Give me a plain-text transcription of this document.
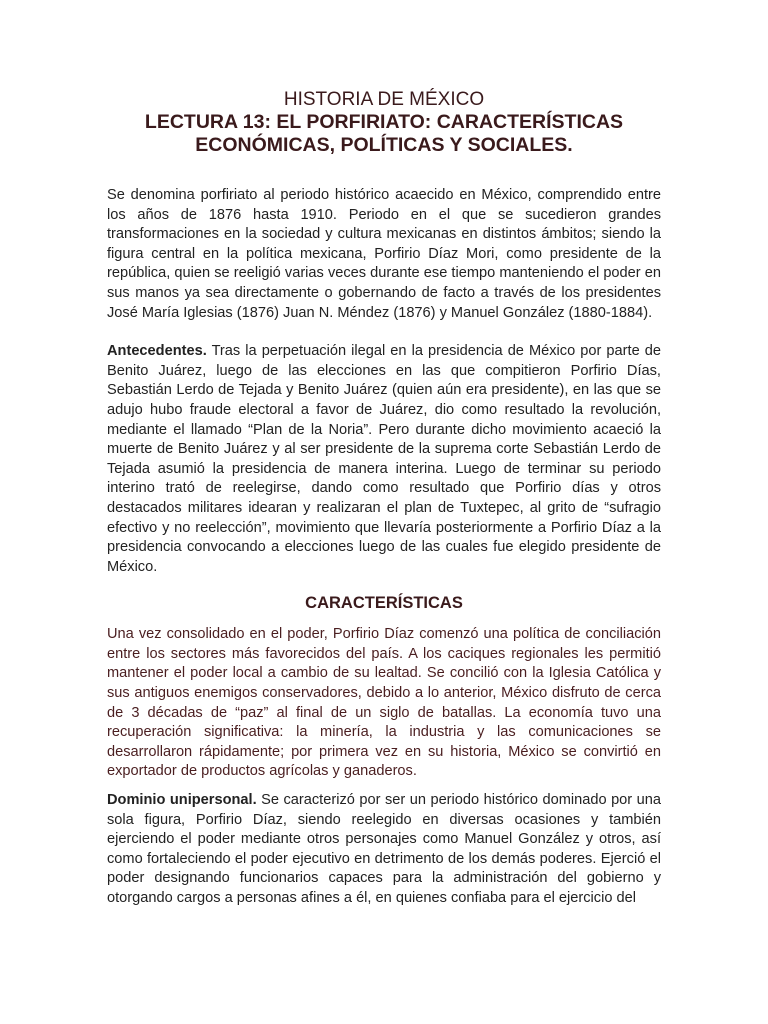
HISTORIA DE MÉXICO

LECTURA 13: EL PORFIRIATO: CARACTERÍSTICAS

ECONÓMICAS, POLÍTICAS Y SOCIALES.

Se denomina porfiriato al periodo histórico acaecido en México, comprendido entre los años de 1876 hasta 1910. Periodo en el que se sucedieron grandes transformaciones en la sociedad y cultura mexicanas en distintos ámbitos; siendo la figura central en la política mexicana, Porfirio Díaz Mori, como presidente de la república, quien se reeligió varias veces durante ese tiempo manteniendo el poder en sus manos ya sea directamente o gobernando de facto a través de los presidentes José María Iglesias (1876) Juan N. Méndez (1876) y Manuel González (1880-1884).

Antecedentes. Tras la perpetuación ilegal en la presidencia de México por parte de Benito Juárez, luego de las elecciones en las que compitieron Porfirio Días, Sebastián Lerdo de Tejada y Benito Juárez (quien aún era presidente), en las que se adujo hubo fraude electoral a favor de Juárez, dio como resultado la revolución, mediante el llamado “Plan de la Noria”. Pero durante dicho movimiento acaeció la muerte de Benito Juárez y al ser presidente de la suprema corte Sebastián Lerdo de Tejada asumió la presidencia de manera interina. Luego de terminar su periodo interino trató de reelegirse, dando como resultado que Porfirio días y otros destacados militares idearan y realizaran el plan de Tuxtepec, al grito de “sufragio efectivo y no reelección”, movimiento que llevaría posteriormente a Porfirio Díaz a la presidencia convocando a elecciones luego de las cuales fue elegido presidente de México.

CARACTERÍSTICAS

Una vez consolidado en el poder, Porfirio Díaz comenzó una política de conciliación entre los sectores más favorecidos del país. A los caciques regionales les permitió mantener el poder local a cambio de su lealtad. Se concilió con la Iglesia Católica y sus antiguos enemigos conservadores, debido a lo anterior, México disfruto de cerca de 3 décadas de “paz” al final de un siglo de batallas. La economía tuvo una recuperación significativa: la minería, la industria y las comunicaciones se desarrollaron rápidamente; por primera vez en su historia, México se convirtió en exportador de productos agrícolas y ganaderos.

Dominio unipersonal. Se caracterizó por ser un periodo histórico dominado por una sola figura, Porfirio Díaz, siendo reelegido en diversas ocasiones y también ejerciendo el poder mediante otros personajes como Manuel González y otros, así como fortaleciendo el poder ejecutivo en detrimento de los demás poderes. Ejerció el poder designando funcionarios capaces para la administración del gobierno y otorgando cargos a personas afines a él, en quienes confiaba para el ejercicio del
